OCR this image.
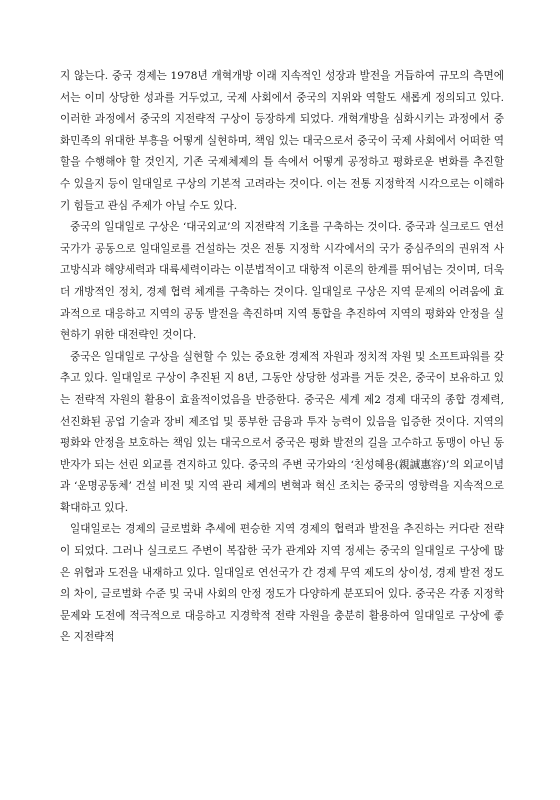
지 않는다. 중국 경제는 1978년 개혁개방 이래 지속적인 성장과 발전을 거듭하여 규모의 측면에서는 이미 상당한 성과를 거두었고, 국제 사회에서 중국의 지위와 역할도 새롭게 정의되고 있다. 이러한 과정에서 중국의 지전략적 구상이 등장하게 되었다. 개혁개방을 심화시키는 과정에서 중화민족의 위대한 부흥을 어떻게 실현하며, 책임 있는 대국으로서 중국이 국제 사회에서 어떠한 역할을 수행해야 할 것인지, 기존 국제체제의 틀 속에서 어떻게 공정하고 평화로운 변화를 추진할 수 있을지 등이 일대일로 구상의 기본적 고려라는 것이다. 이는 전통 지정학적 시각으로는 이해하기 힘들고 관심 주제가 아닐 수도 있다.

중국의 일대일로 구상은 ‘대국외교’의 지전략적 기초를 구축하는 것이다. 중국과 실크로드 연선 국가가 공동으로 일대일로를 건설하는 것은 전통 지정학 시각에서의 국가 중심주의의 권위적 사고방식과 해양세력과 대륙세력이라는 이분법적이고 대항적 이론의 한계를 뛰어넘는 것이며, 더욱더 개방적인 정치, 경제 협력 체계를 구축하는 것이다. 일대일로 구상은 지역 문제의 어려움에 효과적으로 대응하고 지역의 공동 발전을 촉진하며 지역 통합을 추진하여 지역의 평화와 안정을 실현하기 위한 대전략인 것이다.

중국은 일대일로 구상을 실현할 수 있는 중요한 경제적 자원과 정치적 자원 및 소프트파워를 갖추고 있다. 일대일로 구상이 추진된 지 8년, 그동안 상당한 성과를 거둔 것은, 중국이 보유하고 있는 전략적 자원의 활용이 효율적이었음을 반증한다. 중국은 세계 제2 경제 대국의 종합 경제력, 선진화된 공업 기술과 장비 제조업 및 풍부한 금융과 투자 능력이 있음을 입증한 것이다. 지역의 평화와 안정을 보호하는 책임 있는 대국으로서 중국은 평화 발전의 길을 고수하고 동맹이 아닌 동반자가 되는 선린 외교를 견지하고 있다. 중국의 주변 국가와의 ‘친성혜용(親誠惠容)’의 외교이념과 ‘운명공동체’ 건설 비전 및 지역 관리 체계의 변혁과 혁신 조치는 중국의 영향력을 지속적으로 확대하고 있다.

일대일로는 경제의 글로벌화 추세에 편승한 지역 경제의 협력과 발전을 추진하는 커다란 전략이 되었다. 그러나 실크로드 주변이 복잡한 국가 관계와 지역 정세는 중국의 일대일로 구상에 많은 위협과 도전을 내재하고 있다. 일대일로 연선국가 간 경제 무역 제도의 상이성, 경제 발전 정도의 차이, 글로벌화 수준 및 국내 사회의 안정 정도가 다양하게 분포되어 있다. 중국은 각종 지정학 문제와 도전에 적극적으로 대응하고 지경학적 전략 자원을 충분히 활용하여 일대일로 구상에 좋은 지전략적
